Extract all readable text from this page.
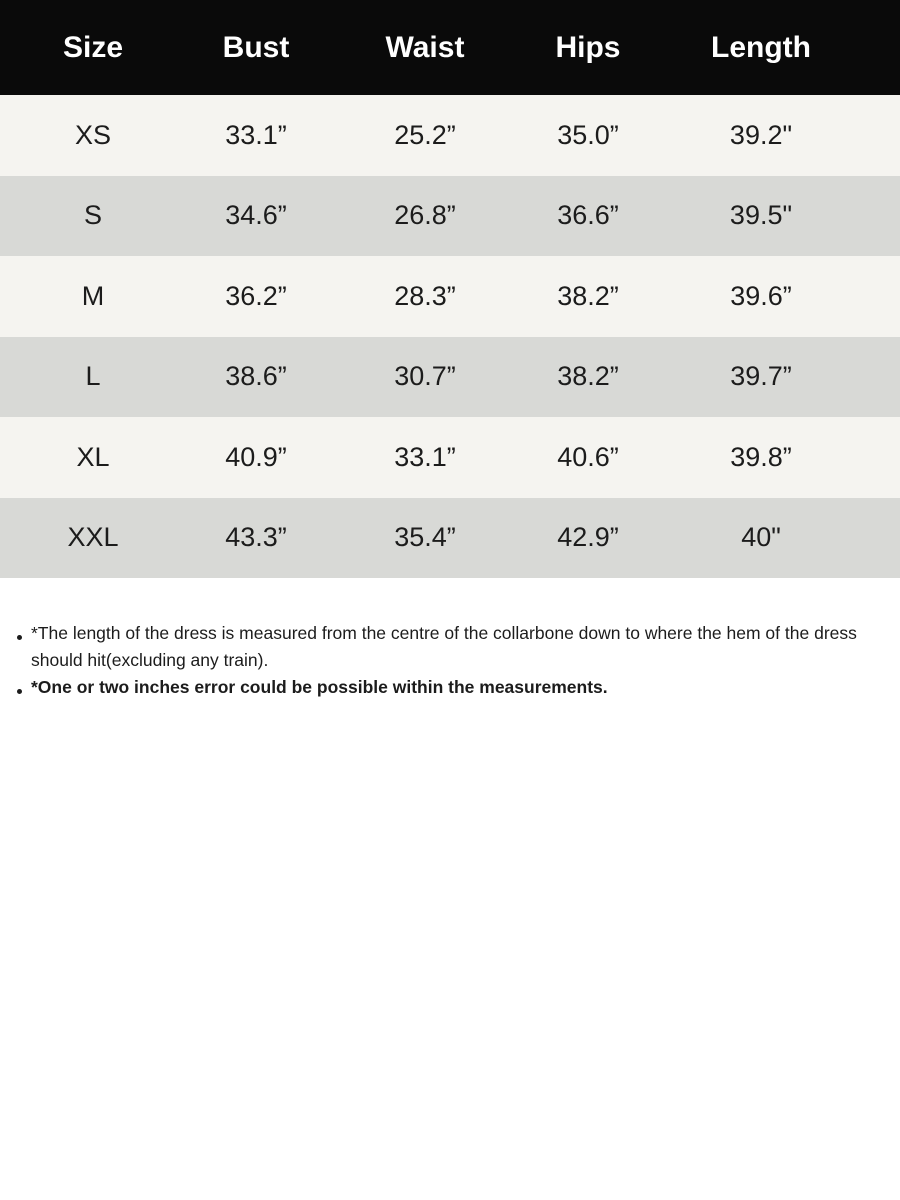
Size	Bust	Waist	Hips	Length
XS	33.1”	25.2”	35.0”	39.2"
S	34.6”	26.8”	36.6”	39.5"
M	36.2”	28.3”	38.2”	39.6”
L	38.6”	30.7”	38.2”	39.7”
XL	40.9”	33.1”	40.6”	39.8”
XXL	43.3”	35.4”	42.9”	40"
*The length of the dress is measured from the centre of the collarbone down to where the hem of the dress
should hit(excluding any train).
*One or two inches error could be possible within the measurements.
